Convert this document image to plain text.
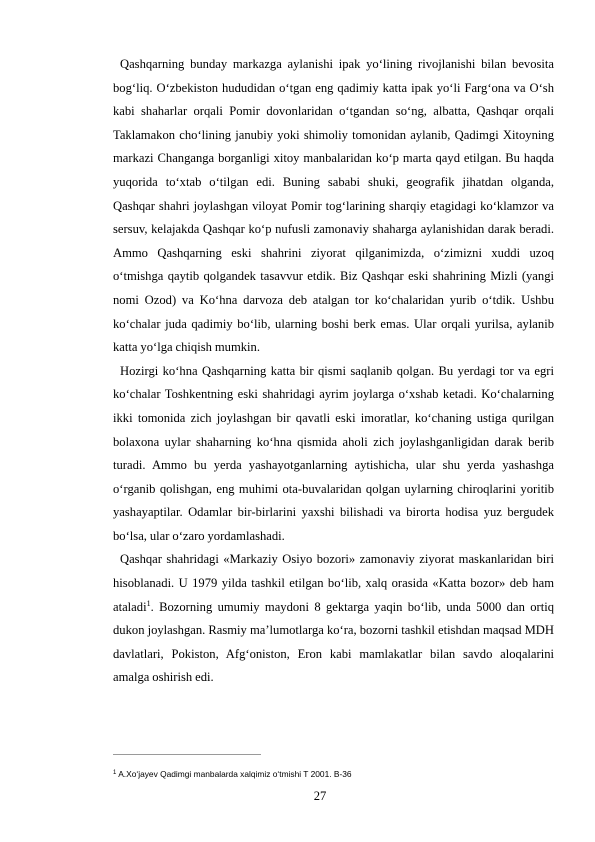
Qashqarning bunday markazga aylanishi ipak yo‘lining rivojlanishi bilan bevosita bog‘liq. O‘zbekiston hududidan o‘tgan eng qadimiy katta ipak yo‘li Farg‘ona va O‘sh kabi shaharlar orqali Pomir dovonlaridan o‘tgandan so‘ng, albatta, Qashqar orqali Taklamakon cho‘lining janubiy yoki shimoliy tomonidan aylanib, Qadimgi Xitoyning markazi Changanga borganligi xitoy manbalaridan ko‘p marta qayd etilgan. Bu haqda yuqorida to‘xtab o‘tilgan edi. Buning sababi shuki, geografik jihatdan olganda, Qashqar shahri joylashgan viloyat Pomir tog‘larining sharqiy etagidagi ko‘klamzor va sersuv, kelajakda Qashqar ko‘p nufusli zamonaviy shaharga aylanishidan darak beradi. Ammo Qashqarning eski shahrini ziyorat qilganimizda, o‘zimizni xuddi uzoq o‘tmishga qaytib qolgandek tasavvur etdik. Biz Qashqar eski shahrining Mizli (yangi nomi Ozod) va Ko‘hna darvoza deb atalgan tor ko‘chalaridan yurib o‘tdik. Ushbu ko‘chalar juda qadimiy bo‘lib, ularning boshi berk emas. Ular orqali yurilsa, aylanib katta yo‘lga chiqish mumkin.

Hozirgi ko‘hna Qashqarning katta bir qismi saqlanib qolgan. Bu yerdagi tor va egri ko‘chalar Toshkentning eski shahridagi ayrim joylarga o‘xshab ketadi. Ko‘chalarning ikki tomonida zich joylashgan bir qavatli eski imoratlar, ko‘chaning ustiga qurilgan bolaxona uylar shaharning ko‘hna qismida aholi zich joylashganligidan darak berib turadi. Ammo bu yerda yashayotganlarning aytishicha, ular shu yerda yashashga o‘rganib qolishgan, eng muhimi ota-buvalaridan qolgan uylarning chiroqlarini yoritib yashayaptilar. Odamlar bir-birlarini yaxshi bilishadi va birorta hodisa yuz bergudek bo‘lsa, ular o‘zaro yordamlashadi.

Qashqar shahridagi «Markaziy Osiyo bozori» zamonaviy ziyorat maskanlaridan biri hisoblanadi. U 1979 yilda tashkil etilgan bo‘lib, xalq orasida «Katta bozor» deb ham ataladi$^1$. Bozorning umumiy maydoni 8 gektarga yaqin bo‘lib, unda 5000 dan ortiq dukon joylashgan. Rasmiy ma’lumotlarga ko‘ra, bozorni tashkil etishdan maqsad MDH davlatlari, Pokiston, Afg‘oniston, Eron kabi mamlakatlar bilan savdo aloqalarini amalga oshirish edi.

$^1$ A.Xo‘jayev Qadimgi manbalarda xalqimiz o‘tmishi T 2001. B-36
27
